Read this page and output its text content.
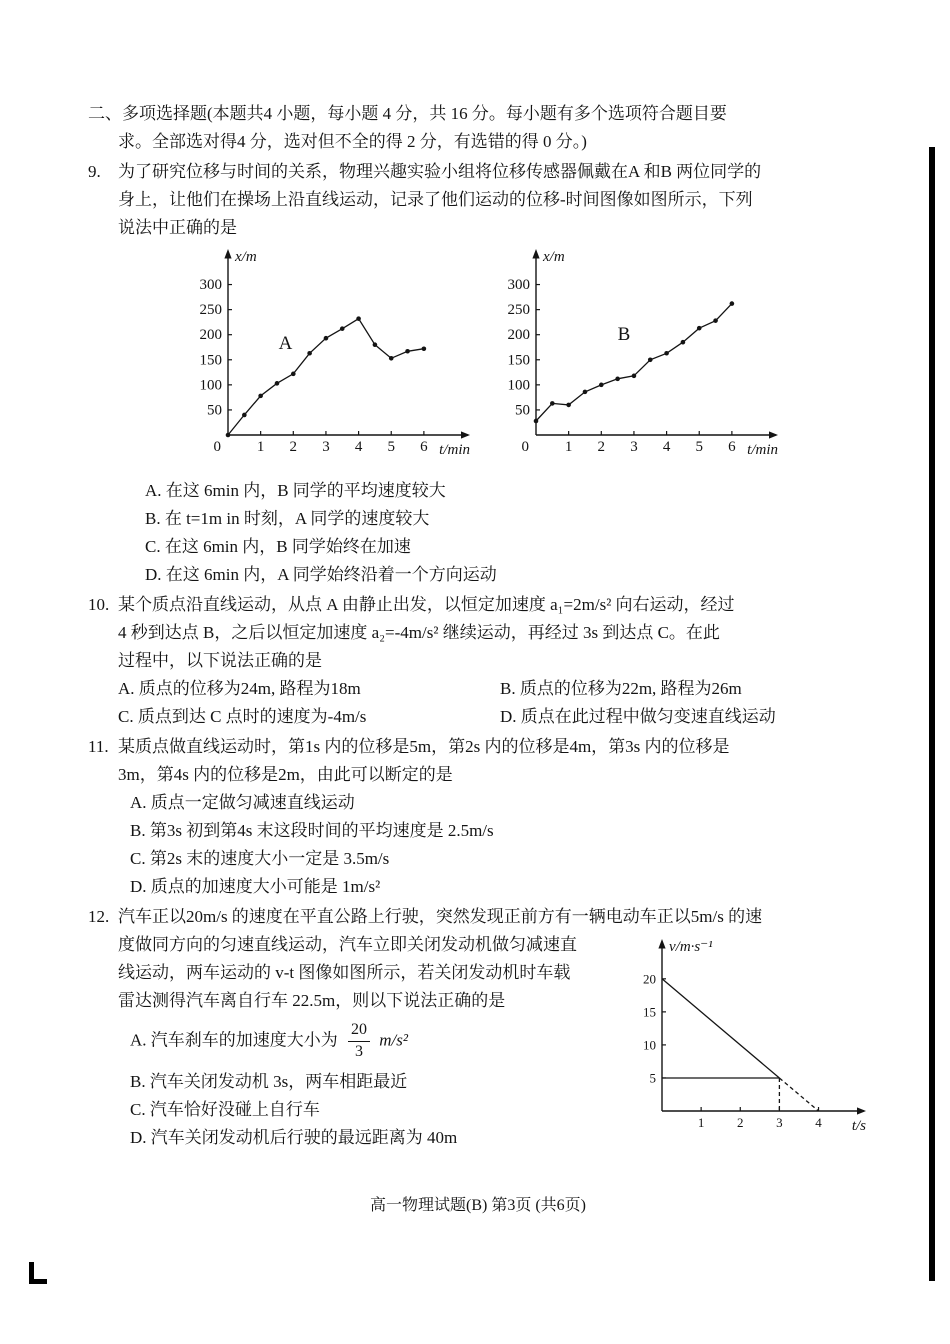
二、多项选择题(本题共4 小题，每小题 4 分，共 16 分。每小题有多个选项符合题目要
求。全部选对得4 分，选对但不全的得 2 分，有选错的得 0 分。)
9.	为了研究位移与时间的关系，物理兴趣实验小组将位移传感器佩戴在A 和B 两位同学的
身上，让他们在操场上沿直线运动，记录了他们运动的位移-时间图像如图所示，下列
说法中正确的是
1 2 3 4 5 6
50
100
150
200
250
300
0
x/m
t/min
A
1 2 3 4 5 6
50
100
150
200
250
300
0
x/m
t/min
B
A. 在这 6min 内，B 同学的平均速度较大
B. 在 t=1m in 时刻，A 同学的速度较大
C. 在这 6min 内，B 同学始终在加速
D. 在这 6min 内，A 同学始终沿着一个方向运动
10. 某个质点沿直线运动，从点 A 由静止出发，以恒定加速度 a₁=2m/s² 向右运动，经过
4 秒到达点 B，之后以恒定加速度 a₂=-4m/s² 继续运动，再经过 3s 到达点 C。在此
过程中，以下说法正确的是
A. 质点的位移为24m, 路程为18m	B. 质点的位移为22m, 路程为26m
C. 质点到达 C 点时的速度为-4m/s	D. 质点在此过程中做匀变速直线运动
11. 某质点做直线运动时，第1s 内的位移是5m，第2s 内的位移是4m，第3s 内的位移是
3m，第4s 内的位移是2m，由此可以断定的是
A. 质点一定做匀减速直线运动
B. 第3s 初到第4s 末这段时间的平均速度是 2.5m/s
C. 第2s 末的速度大小一定是 3.5m/s
D. 质点的加速度大小可能是 1m/s²
12. 汽车正以20m/s 的速度在平直公路上行驶，突然发现正前方有一辆电动车正以5m/s 的速
1	2	3	4
5
10
15
20
v/m·s⁻¹
t/s
度做同方向的匀速直线运动，汽车立即关闭发动机做匀减速直
线运动，两车运动的 v-t 图像如图所示，若关闭发动机时车载
雷达测得汽车离自行车 22.5m，则以下说法正确的是
A. 汽车刹车的加速度大小为 $\frac{20}{3} m/s^2$
B. 汽车关闭发动机 3s，两车相距最近
C. 汽车恰好没碰上自行车
D. 汽车关闭发动机后行驶的最远距离为 40m
高一物理试题(B) 第3页 (共6页)
